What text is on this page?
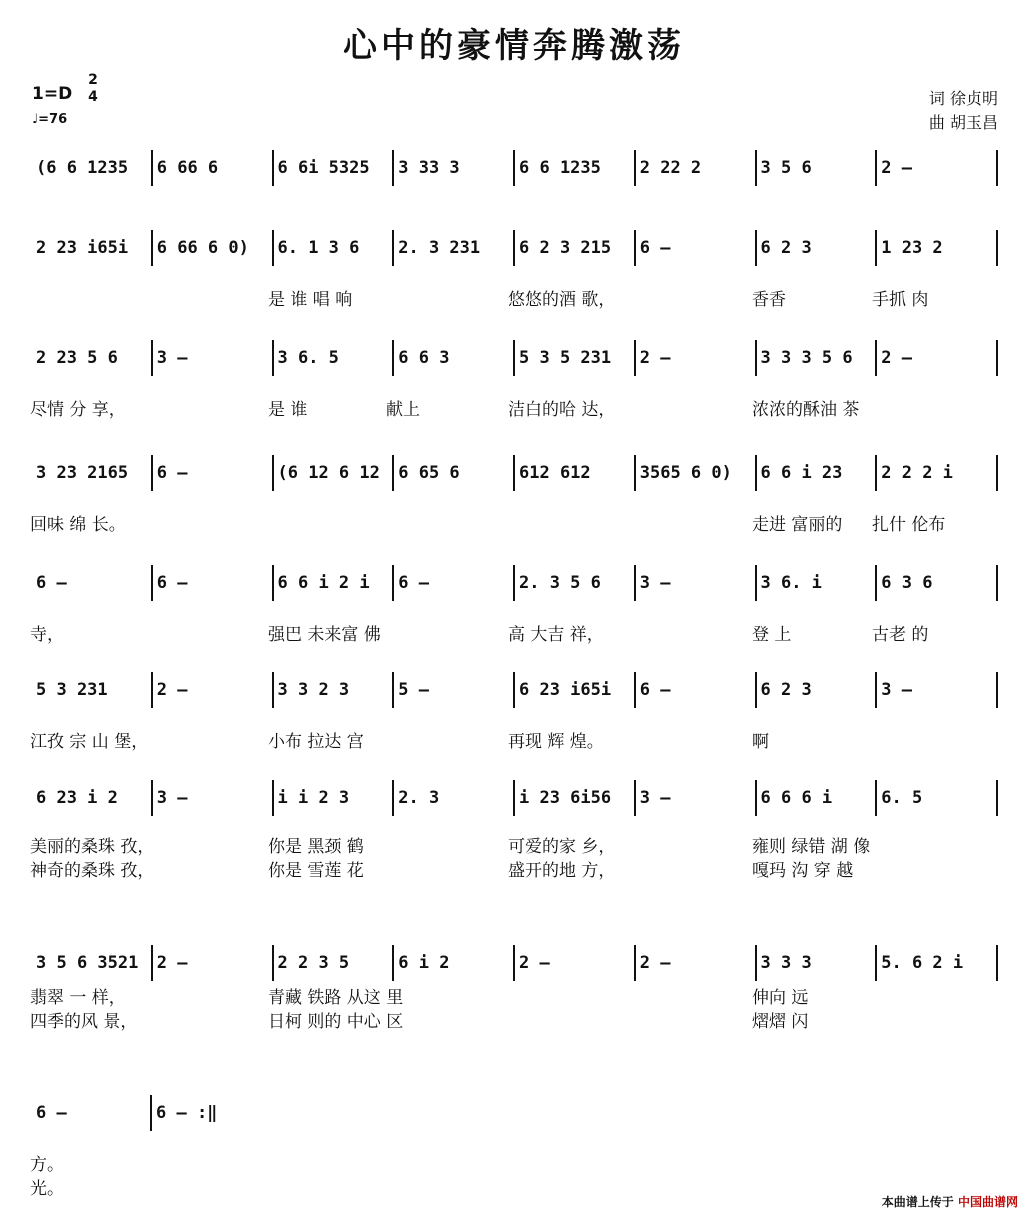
心中的豪情奔腾激荡
1=D
2
4
♩=76
词 徐贞明
曲 胡玉昌
(6 6 1235 6 66 6	6 6i 5325 3 33 3	6 6 1235 2 22 2	3 5 6	2 –
2 23 i65i 6 66 6 0) 6. 1 3 6 2. 3 231 6 2 3 215 6 –	6 2 3	1 23 2
是 谁 唱 响	悠悠的酒 歌，	香香	手抓 肉
2 23 5 6 3 –	3 6. 5	6 6 3	5 3 5 231 2 –	3 3 3 5 6 2 –
尽情 分 享，	是 谁	献上	洁白的哈 达，	浓浓的酥油 茶
3 23 2165 6 –	(6 12 6 12 6 65 6	612 612	3565 6 0) 6 6 i 23 2 2 2 i
回味 绵 长。	走进 富丽的 扎什 伦布
6 –	6 –	6 6 i 2 i 6 –	2. 3 5 6 3 –	3 6. i	6 3 6
寺，	强巴 未来富 佛	高 大吉 祥，	登 上	古老 的
5 3 231	2 –	3 3 2 3	5 –	6 23 i65i 6 –	6 2 3	3 –
江孜 宗 山 堡，	小布 拉达 宫	再现 辉 煌。	啊
6 23 i 2 3 –	i i 2 3	2. 3	i 23 6i56 3 –	6 6 6 i	6. 5
美丽的桑珠 孜，	你是 黑颈 鹤	可爱的家 乡，	雍则 绿错 湖 像
神奇的桑珠 孜，	你是 雪莲 花	盛开的地 方，	嘎玛 沟 穿 越
3 5 6 3521 2 –	2 2 3 5	6 i 2	2 –	2 –	3 3 3	5. 6 2 i
翡翠 一 样，	青藏 铁路 从这 里	伸向 远
四季的风 景，	日柯 则的 中心 区	熠熠 闪
6 –	6 – :‖
方。
光。
本曲谱上传于 中国曲谱网
